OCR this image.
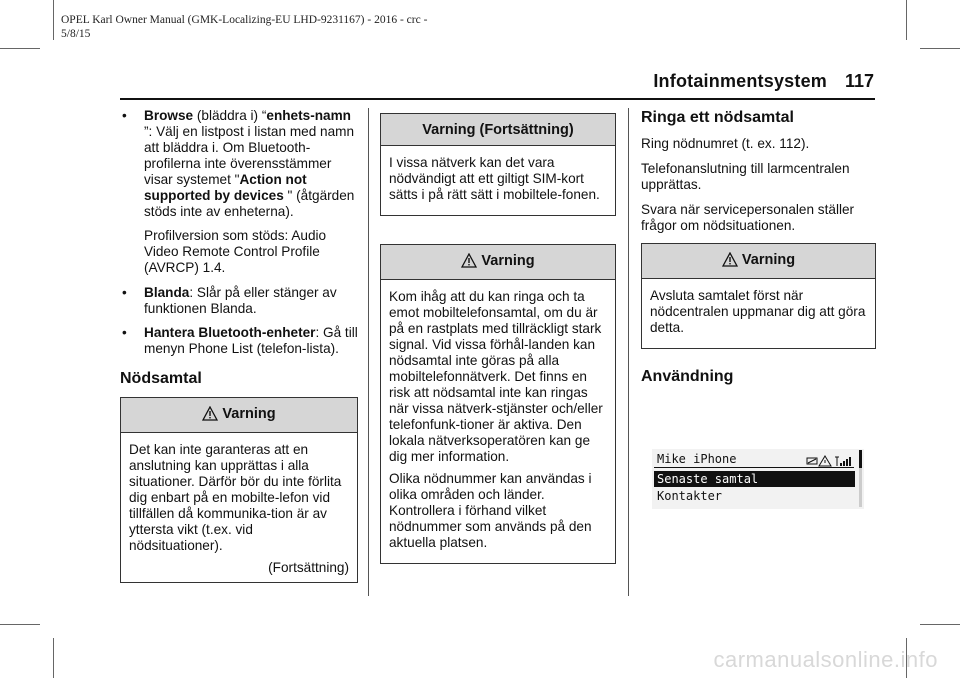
OPEL Karl Owner Manual (GMK-Localizing-EU LHD-9231167) - 2016 - crc -
5/8/15
Infotainmentsystem 117
• Browse (bläddra i) “enhets-namn ”: Välj en listpost i listan med namn att bläddra i. Om Bluetooth-profilerna inte överensstämmer visar systemet "Action not supported by devices " (åtgärden stöds inte av enheterna).

Profilversion som stöds: Audio Video Remote Control Profile (AVRCP) 1.4.

• Blanda: Slår på eller stänger av funktionen Blanda.
• Hantera Bluetooth-enheter: Gå till menyn Phone List (telefon-lista).
Nödsamtal
Varning

Det kan inte garanteras att en anslutning kan upprättas i alla situationer. Därför bör du inte förlita dig enbart på en mobilte-lefon vid tillfällen då kommunika-tion är av yttersta vikt (t.ex. vid nödsituationer).

(Fortsättning)
Varning (Fortsättning)

I vissa nätverk kan det vara nödvändigt att ett giltigt SIM-kort sätts i på rätt sätt i mobiltele-fonen.

Varning

Kom ihåg att du kan ringa och ta emot mobiltelefonsamtal, om du är på en rastplats med tillräckligt stark signal. Vid vissa förhål-landen kan nödsamtal inte göras på alla mobiltelefonnätverk. Det finns en risk att nödsamtal inte kan ringas när vissa nätverk-stjänster och/eller telefonfunk-tioner är aktiva. Den lokala nätverksoperatören kan ge dig mer information.

Olika nödnummer kan användas i olika områden och länder. Kontrollera i förhand vilket nödnummer som används på den aktuella platsen.

Ringa ett nödsamtal

Ring nödnumret (t. ex. 112).

Telefonanslutning till larmcentralen upprättas.

Svara när servicepersonalen ställer frågor om nödsituationen.

Varning

Avsluta samtalet först när nödcentralen uppmanar dig att göra detta.

Användning
Mike iPhone
Senaste samtal
Kontakter
carmanualsonline.info
